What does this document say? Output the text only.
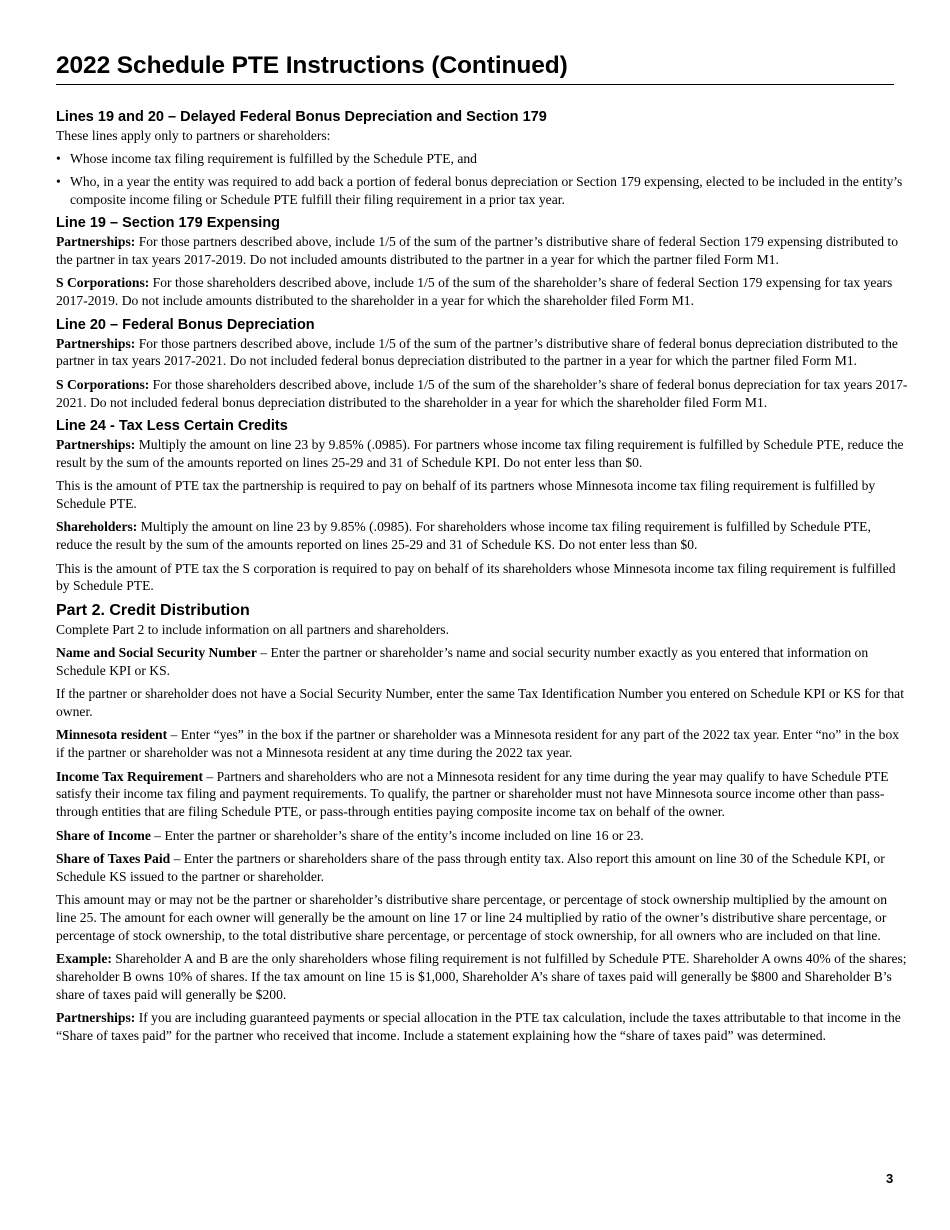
2022 Schedule PTE Instructions (Continued)
Lines 19 and 20 – Delayed Federal Bonus Depreciation and Section 179

These lines apply only to partners or shareholders:

• Whose income tax filing requirement is fulfilled by the Schedule PTE, and
• Who, in a year the entity was required to add back a portion of federal bonus depreciation or Section 179 expensing, elected to be included in the entity’s composite income filing or Schedule PTE fulfill their filing requirement in a prior tax year.
Line 19 – Section 179 Expensing

Partnerships: For those partners described above, include 1/5 of the sum of the partner’s distributive share of federal Section 179 expensing distributed to the partner in tax years 2017-2019. Do not included amounts distributed to the partner in a year for which the partner filed Form M1.

S Corporations: For those shareholders described above, include 1/5 of the sum of the shareholder’s share of federal Section 179 expensing for tax years 2017-2019. Do not include amounts distributed to the shareholder in a year for which the shareholder filed Form M1.

Line 20 – Federal Bonus Depreciation

Partnerships: For those partners described above, include 1/5 of the sum of the partner’s distributive share of federal bonus depreciation distributed to the partner in tax years 2017-2021. Do not included federal bonus depreciation distributed to the partner in a year for which the partner filed Form M1.

S Corporations: For those shareholders described above, include 1/5 of the sum of the shareholder’s share of federal bonus depreciation for tax years 2017-2021. Do not included federal bonus depreciation distributed to the shareholder in a year for which the shareholder filed Form M1.

Line 24 - Tax Less Certain Credits

Partnerships: Multiply the amount on line 23 by 9.85% (.0985). For partners whose income tax filing requirement is fulfilled by Schedule PTE, reduce the result by the sum of the amounts reported on lines 25-29 and 31 of Schedule KPI. Do not enter less than $0.

This is the amount of PTE tax the partnership is required to pay on behalf of its partners whose Minnesota income tax filing requirement is fulfilled by Schedule PTE.

Shareholders: Multiply the amount on line 23 by 9.85% (.0985). For shareholders whose income tax filing requirement is fulfilled by Schedule PTE, reduce the result by the sum of the amounts reported on lines 25-29 and 31 of Schedule KS. Do not enter less than $0.

This is the amount of PTE tax the S corporation is required to pay on behalf of its shareholders whose Minnesota income tax filing requirement is fulfilled by Schedule PTE.

Part 2. Credit Distribution

Complete Part 2 to include information on all partners and shareholders.

Name and Social Security Number – Enter the partner or shareholder’s name and social security number exactly as you entered that information on Schedule KPI or KS.

If the partner or shareholder does not have a Social Security Number, enter the same Tax Identification Number you entered on Schedule KPI or KS for that owner.

Minnesota resident – Enter “yes” in the box if the partner or shareholder was a Minnesota resident for any part of the 2022 tax year. Enter “no” in the box if the partner or shareholder was not a Minnesota resident at any time during the 2022 tax year.

Income Tax Requirement – Partners and shareholders who are not a Minnesota resident for any time during the year may qualify to have Schedule PTE satisfy their income tax filing and payment requirements. To qualify, the partner or shareholder must not have Minnesota source income other than pass-through entities that are filing Schedule PTE, or pass-through entities paying composite income tax on behalf of the owner.

Share of Income – Enter the partner or shareholder’s share of the entity’s income included on line 16 or 23.

Share of Taxes Paid – Enter the partners or shareholders share of the pass through entity tax. Also report this amount on line 30 of the Schedule KPI, or Schedule KS issued to the partner or shareholder.

This amount may or may not be the partner or shareholder’s distributive share percentage, or percentage of stock ownership multiplied by the amount on line 25. The amount for each owner will generally be the amount on line 17 or line 24 multiplied by ratio of the owner’s distributive share percentage, or percentage of stock ownership, to the total distributive share percentage, or percentage of stock ownership, for all owners who are included on that line.

Example: Shareholder A and B are the only shareholders whose filing requirement is not fulfilled by Schedule PTE. Shareholder A owns 40% of the shares; shareholder B owns 10% of shares. If the tax amount on line 15 is $1,000, Shareholder A’s share of taxes paid will generally be $800 and Shareholder B’s share of taxes paid will generally be $200.

Partnerships: If you are including guaranteed payments or special allocation in the PTE tax calculation, include the taxes attributable to that income in the “Share of taxes paid” for the partner who received that income. Include a statement explaining how the “share of taxes paid” was determined.

3
